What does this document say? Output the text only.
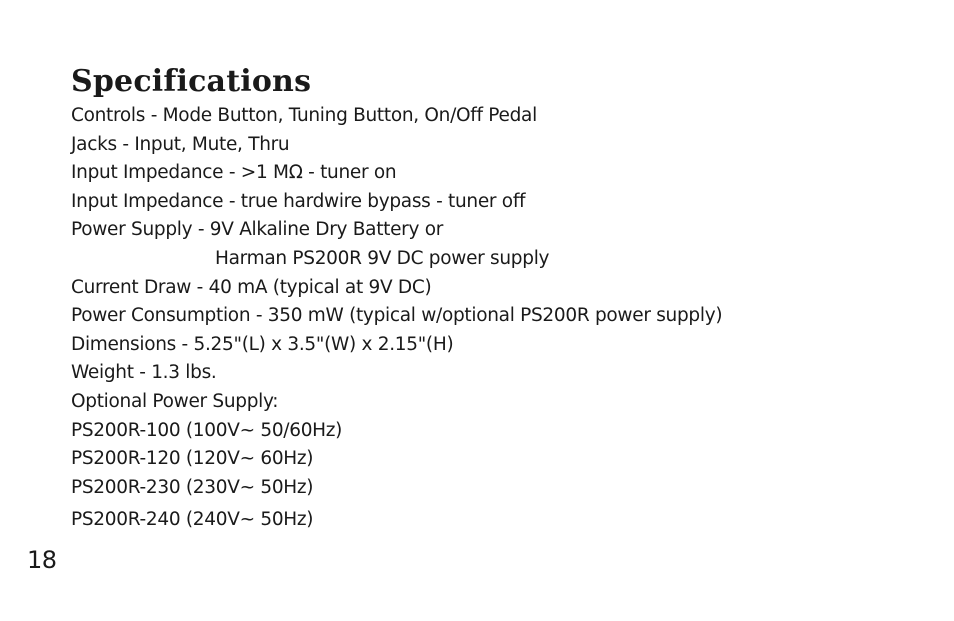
Specifications
Controls - Mode Button, Tuning Button, On/Off Pedal
Jacks - Input, Mute, Thru
Input Impedance - >1 MΩ - tuner on
Input Impedance - true hardwire bypass - tuner off
Power Supply - 9V Alkaline Dry Battery or
Harman PS200R 9V DC power supply
Current Draw - 40 mA (typical at 9V DC)
Power Consumption - 350 mW (typical w/optional PS200R power supply)
Dimensions - 5.25"(L) x 3.5"(W) x 2.15"(H)
Weight - 1.3 lbs.
Optional Power Supply:
PS200R-100 (100V~ 50/60Hz)
PS200R-120 (120V~ 60Hz)
PS200R-230 (230V~ 50Hz)
PS200R-240 (240V~ 50Hz)
18
